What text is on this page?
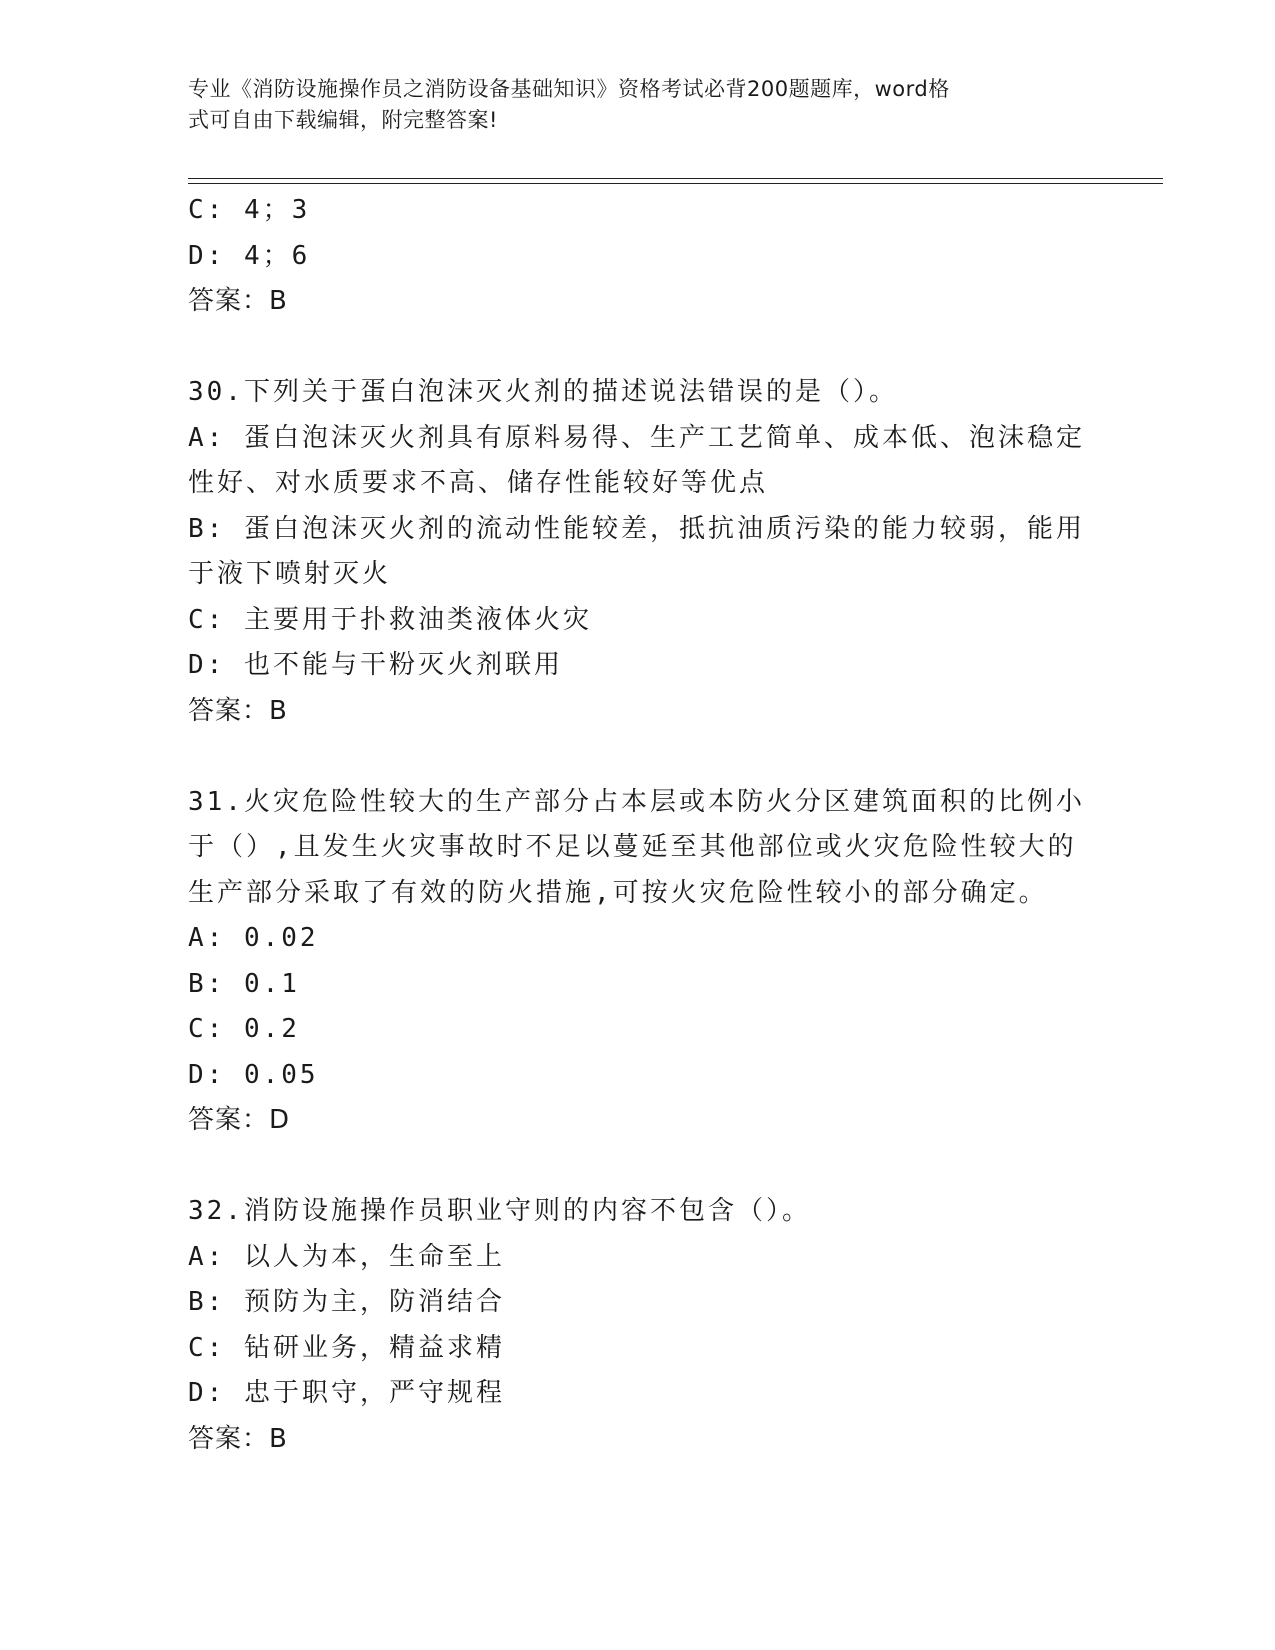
专业《消防设施操作员之消防设备基础知识》资格考试必背200题题库，word格
式可自由下载编辑，附完整答案!
C: 4；3
D: 4；6
答案：B
30.下列关于蛋白泡沫灭火剂的描述说法错误的是（）。
A: 蛋白泡沫灭火剂具有原料易得、生产工艺简单、成本低、泡沫稳定
性好、对水质要求不高、储存性能较好等优点
B: 蛋白泡沫灭火剂的流动性能较差，抵抗油质污染的能力较弱，能用
于液下喷射灭火
C: 主要用于扑救油类液体火灾
D: 也不能与干粉灭火剂联用
答案：B
31.火灾危险性较大的生产部分占本层或本防火分区建筑面积的比例小
于（）,且发生火灾事故时不足以蔓延至其他部位或火灾危险性较大的
生产部分采取了有效的防火措施,可按火灾危险性较小的部分确定。
A: 0.02
B: 0.1
C: 0.2
D: 0.05
答案：D
32.消防设施操作员职业守则的内容不包含（）。
A: 以人为本，生命至上
B: 预防为主，防消结合
C: 钻研业务，精益求精
D: 忠于职守，严守规程
答案：B
